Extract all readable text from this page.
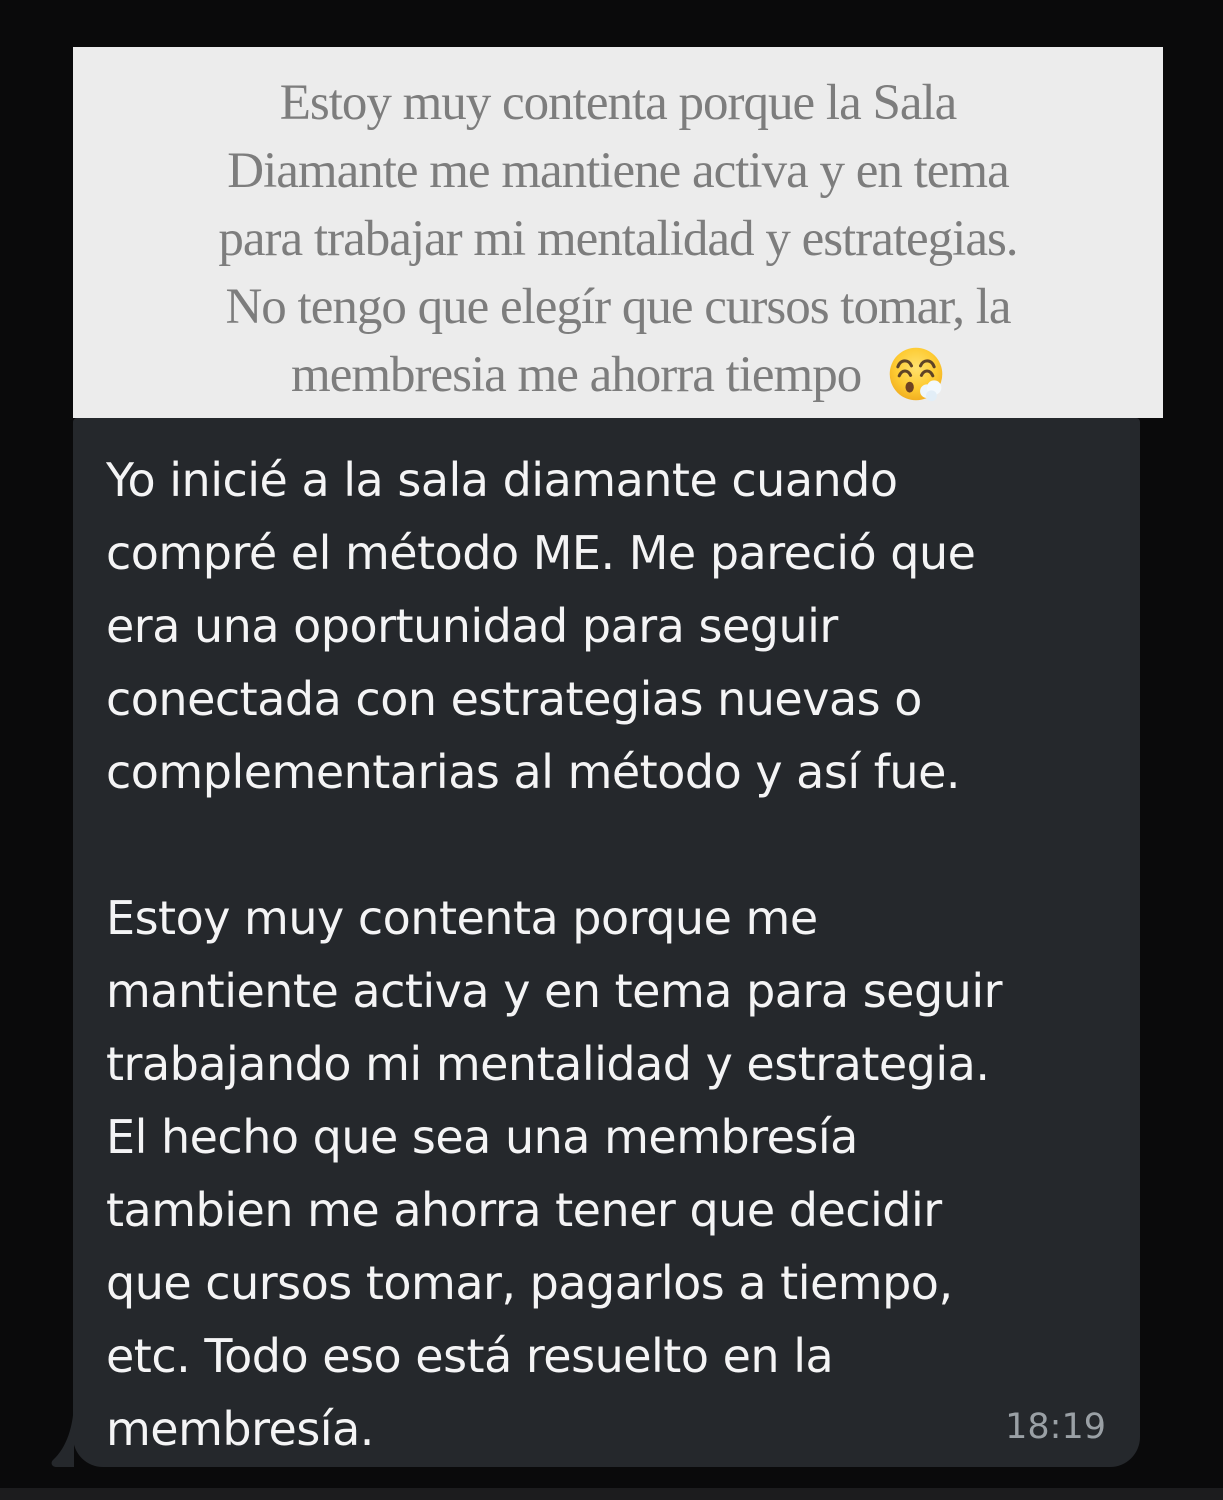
Estoy muy contenta porque la Sala
Diamante me mantiene activa y en tema
para trabajar mi mentalidad y estrategias.
No tengo que elegír que cursos tomar, la
membresia me ahorra tiempo
Yo inicié a la sala diamante cuando
compré el método ME. Me pareció que
era una oportunidad para seguir
conectada con estrategias nuevas o
complementarias al método y así fue.
Estoy muy contenta porque me
mantiente activa y en tema para seguir
trabajando mi mentalidad y estrategia.
El hecho que sea una membresía
tambien me ahorra tener que decidir
que cursos tomar, pagarlos a tiempo,
etc. Todo eso está resuelto en la
membresía.	18:19
